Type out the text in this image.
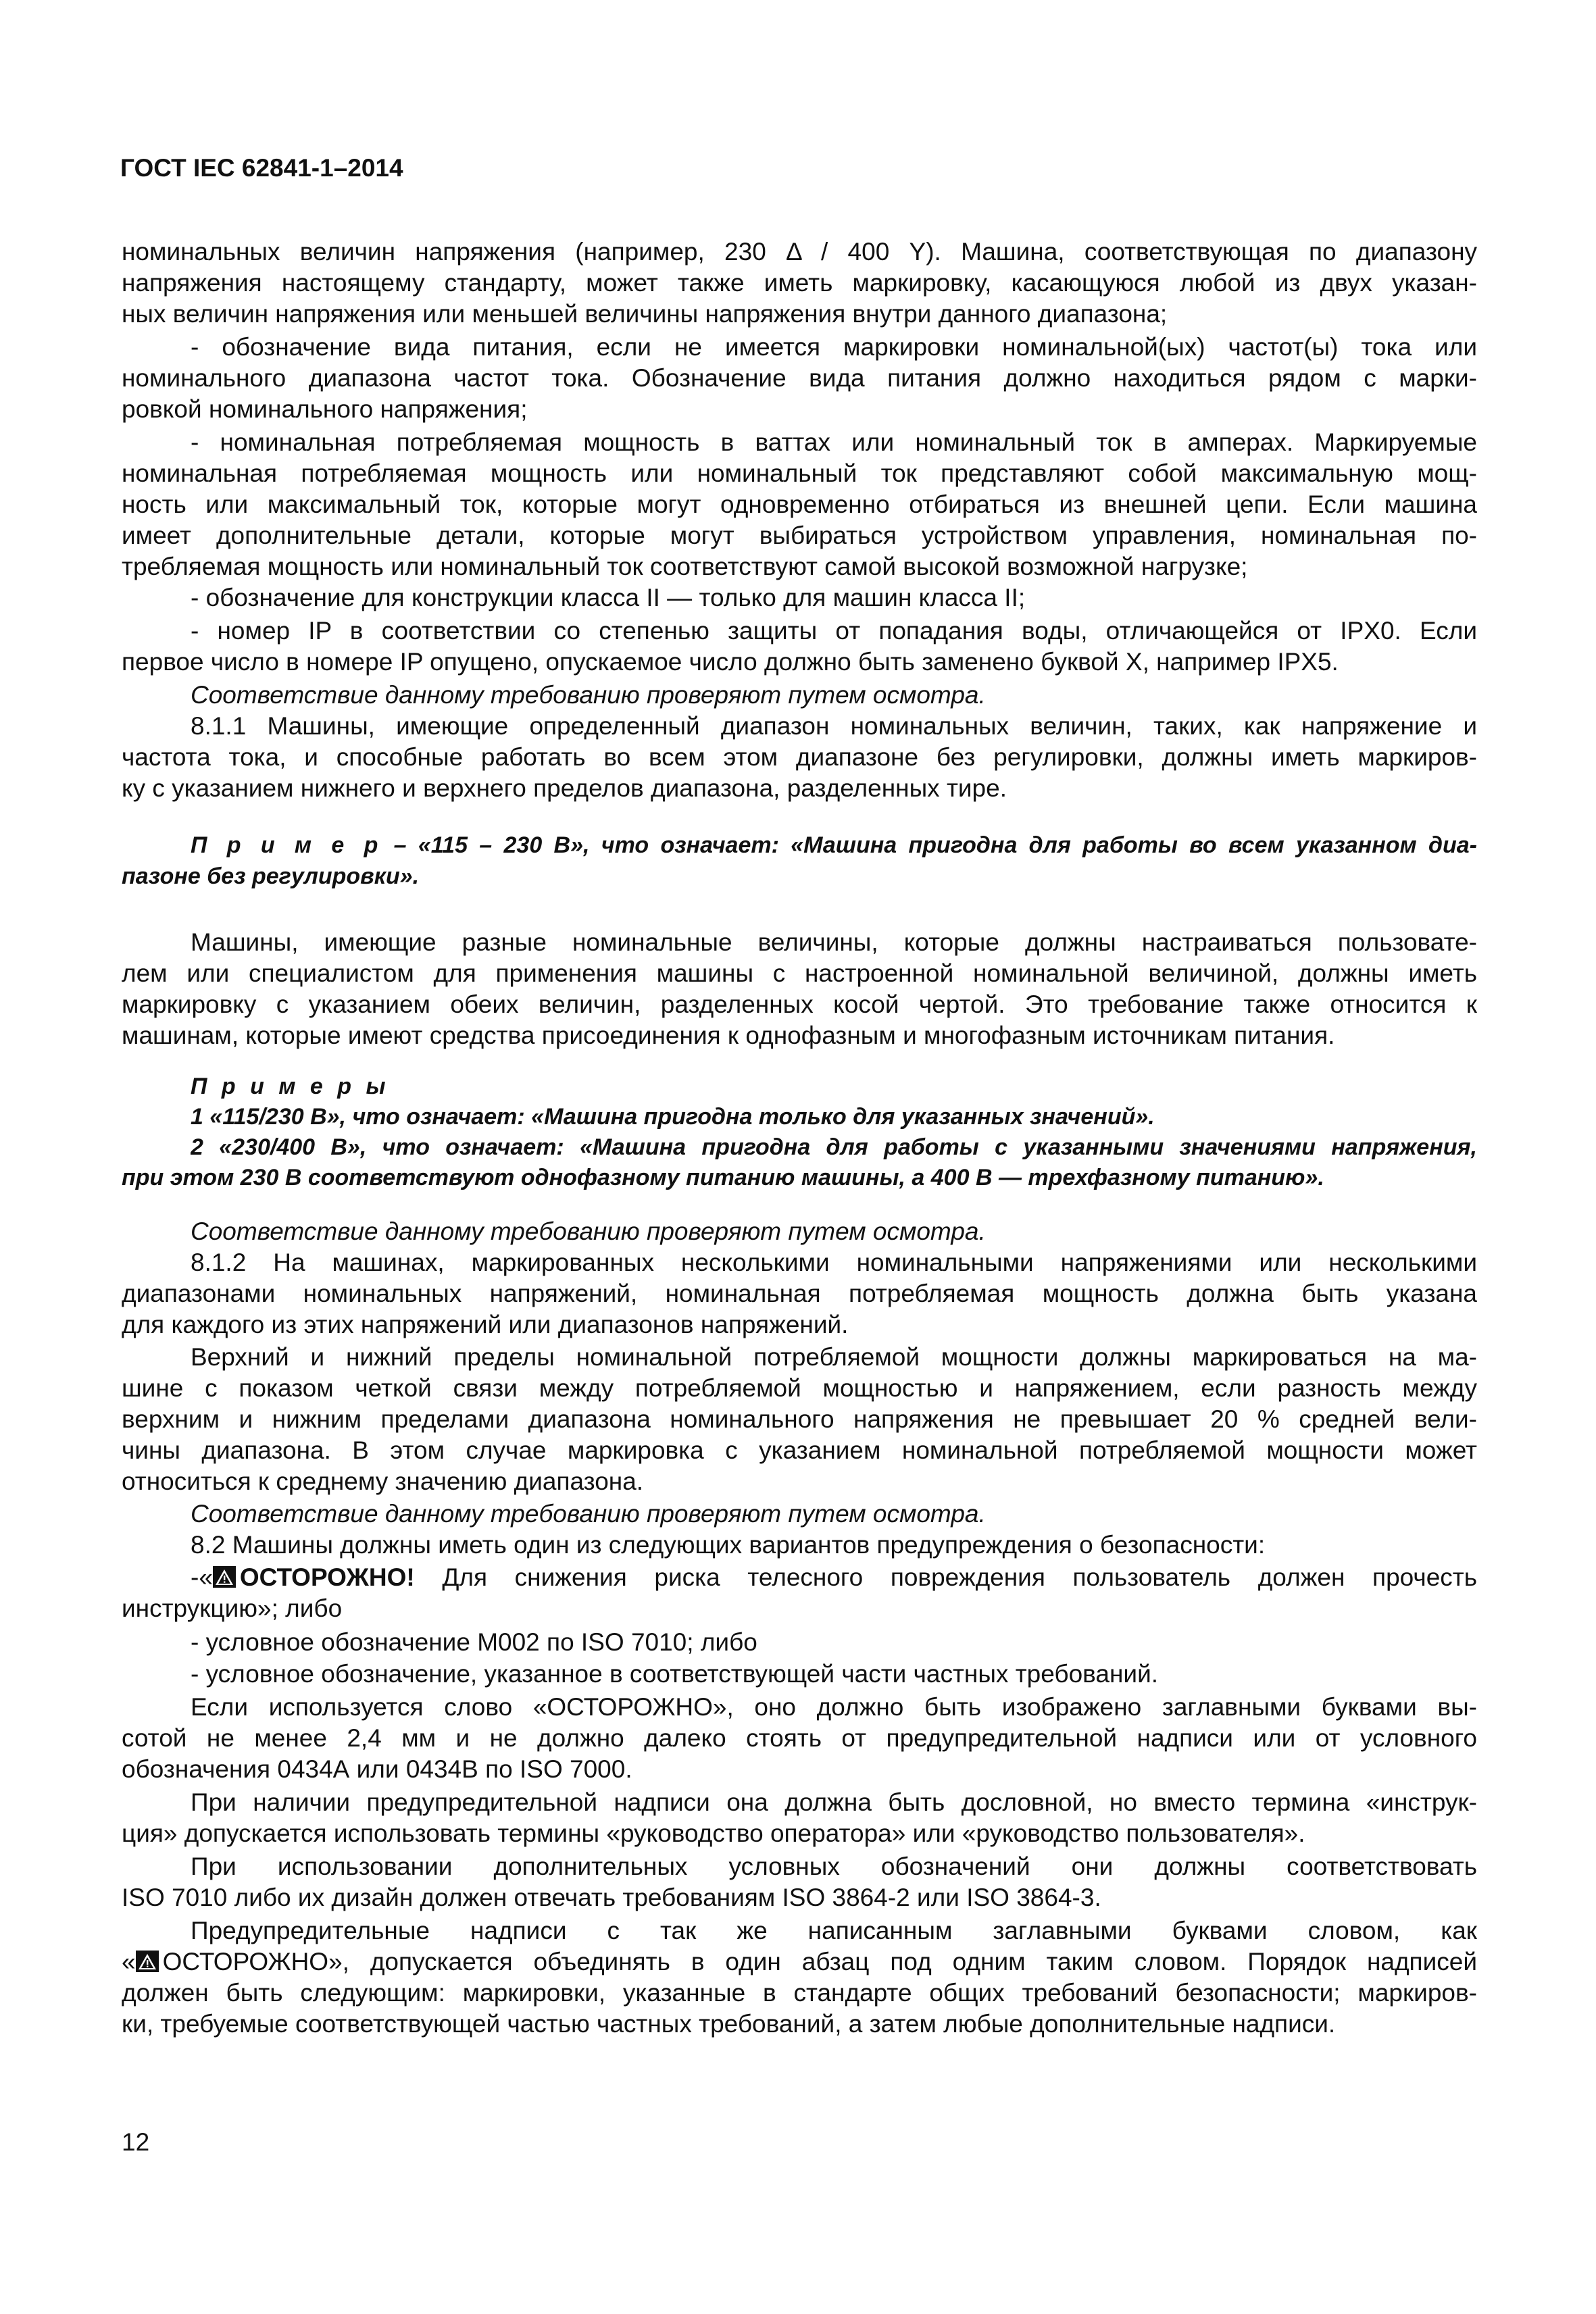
ГОСТ IEC 62841-1–2014
номинальных величин напряжения (например, 230 Δ / 400 Y). Машина, соответствующая по диапазону
напряжения настоящему стандарту, может также иметь маркировку, касающуюся любой из двух указан-
ных величин напряжения или меньшей величины напряжения внутри данного диапазона;
- обозначение вида питания, если не имеется маркировки номинальной(ых) частот(ы) тока или
номинального диапазона частот тока. Обозначение вида питания должно находиться рядом с марки-
ровкой номинального напряжения;
- номинальная потребляемая мощность в ваттах или номинальный ток в амперах. Маркируемые
номинальная потребляемая мощность или номинальный ток представляют собой максимальную мощ-
ность или максимальный ток, которые могут одновременно отбираться из внешней цепи. Если машина
имеет дополнительные детали, которые могут выбираться устройством управления, номинальная по-
требляемая мощность или номинальный ток соответствуют самой высокой возможной нагрузке;
- обозначение для конструкции класса II — только для машин класса II;
- номер IP в соответствии со степенью защиты от попадания воды, отличающейся от IPX0. Если
первое число в номере IP опущено, опускаемое число должно быть заменено буквой X, например IPX5.
Соответствие данному требованию проверяют путем осмотра.
8.1.1 Машины, имеющие определенный диапазон номинальных величин, таких, как напряжение и
частота тока, и способные работать во всем этом диапазоне без регулировки, должны иметь маркиров-
ку с указанием нижнего и верхнего пределов диапазона, разделенных тире.
П р и м е р – «115 – 230 В», что означает: «Машина пригодна для работы во всем указанном диа-
пазоне без регулировки».
Машины, имеющие разные номинальные величины, которые должны настраиваться пользовате-
лем или специалистом для применения машины с настроенной номинальной величиной, должны иметь
маркировку с указанием обеих величин, разделенных косой чертой. Это требование также относится к
машинам, которые имеют средства присоединения к однофазным и многофазным источникам питания.
П р и м е р ы
1 «115/230 В», что означает: «Машина пригодна только для указанных значений».
2 «230/400 В», что означает: «Машина пригодна для работы с указанными значениями напряжения,
при этом 230 В соответствуют однофазному питанию машины, а 400 В — трехфазному питанию».
Соответствие данному требованию проверяют путем осмотра.
8.1.2 На машинах, маркированных несколькими номинальными напряжениями или несколькими
диапазонами номинальных напряжений, номинальная потребляемая мощность должна быть указана
для каждого из этих напряжений или диапазонов напряжений.
Верхний и нижний пределы номинальной потребляемой мощности должны маркироваться на ма-
шине с показом четкой связи между потребляемой мощностью и напряжением, если разность между
верхним и нижним пределами диапазона номинального напряжения не превышает 20 % средней вели-
чины диапазона. В этом случае маркировка с указанием номинальной потребляемой мощности может
относиться к среднему значению диапазона.
Соответствие данному требованию проверяют путем осмотра.
8.2 Машины должны иметь один из следующих вариантов предупреждения о безопасности:
-« ОСТОРОЖНО! Для снижения риска телесного повреждения пользователь должен прочесть
инструкцию»; либо
- условное обозначение M002 по ISO 7010; либо
- условное обозначение, указанное в соответствующей части частных требований.
Если используется слово «ОСТОРОЖНО», оно должно быть изображено заглавными буквами вы-
сотой не менее 2,4 мм и не должно далеко стоять от предупредительной надписи или от условного
обозначения 0434А или 0434В по ISO 7000.
При наличии предупредительной надписи она должна быть дословной, но вместо термина «инструк-
ция» допускается использовать термины «руководство оператора» или «руководство пользователя».
При использовании дополнительных условных обозначений они должны соответствовать
ISO 7010 либо их дизайн должен отвечать требованиям ISO 3864-2 или ISO 3864-3.
Предупредительные надписи с так же написанным заглавными буквами словом, как
« ОСТОРОЖНО», допускается объединять в один абзац под одним таким словом. Порядок надписей
должен быть следующим: маркировки, указанные в стандарте общих требований безопасности; маркиров-
ки, требуемые соответствующей частью частных требований, а затем любые дополнительные надписи.
12
